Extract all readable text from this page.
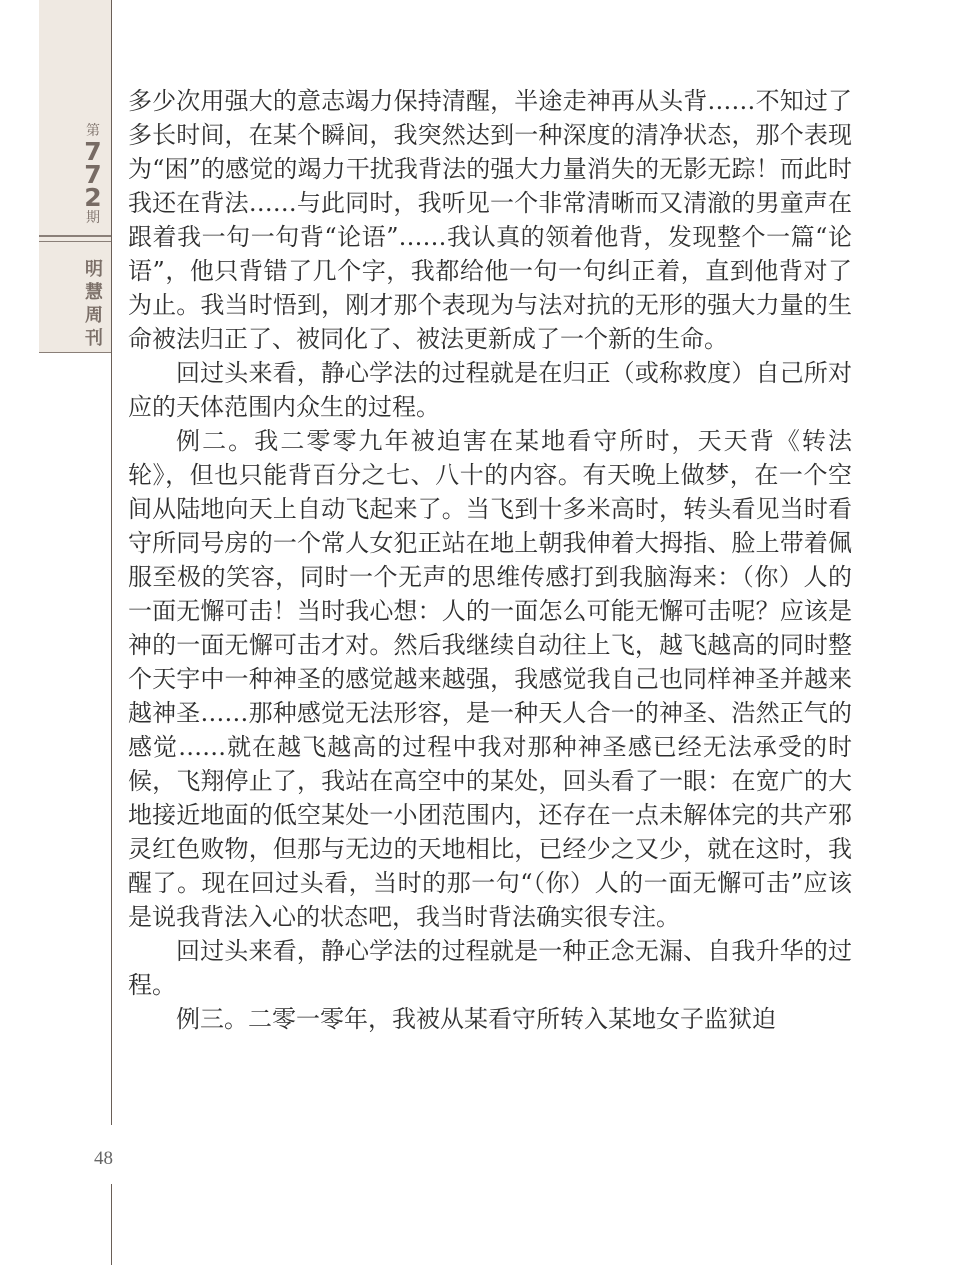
第
7
7
2
期
明
慧
周
刊
48

多少次用强大的意志竭力保持清醒，半途走神再从头背……不知过了多长时间，在某个瞬间，我突然达到一种深度的清净状态，那个表现为“困”的感觉的竭力干扰我背法的强大力量消失的无影无踪！而此时我还在背法……与此同时，我听见一个非常清晰而又清澈的男童声在跟着我一句一句背“论语”……我认真的领着他背，发现整个一篇“论语”，他只背错了几个字，我都给他一句一句纠正着，直到他背对了为止。我当时悟到，刚才那个表现为与法对抗的无形的强大力量的生命被法归正了、被同化了、被法更新成了一个新的生命。

回过头来看，静心学法的过程就是在归正（或称救度）自己所对应的天体范围内众生的过程。

例二。我二零零九年被迫害在某地看守所时，天天背《转法轮》，但也只能背百分之七、八十的内容。有天晚上做梦，在一个空间从陆地向天上自动飞起来了。当飞到十多米高时，转头看见当时看守所同号房的一个常人女犯正站在地上朝我伸着大拇指、脸上带着佩服至极的笑容，同时一个无声的思维传感打到我脑海来：（你）人的一面无懈可击！当时我心想：人的一面怎么可能无懈可击呢？应该是神的一面无懈可击才对。然后我继续自动往上飞，越飞越高的同时整个天宇中一种神圣的感觉越来越强，我感觉我自己也同样神圣并越来越神圣……那种感觉无法形容，是一种天人合一的神圣、浩然正气的感觉……就在越飞越高的过程中我对那种神圣感已经无法承受的时候，飞翔停止了，我站在高空中的某处，回头看了一眼：在宽广的大地接近地面的低空某处一小团范围内，还存在一点未解体完的共产邪灵红色败物，但那与无边的天地相比，已经少之又少，就在这时，我醒了。现在回过头看，当时的那一句“（你）人的一面无懈可击”应该是说我背法入心的状态吧，我当时背法确实很专注。

回过头来看，静心学法的过程就是一种正念无漏、自我升华的过程。

例三。二零一零年，我被从某看守所转入某地女子监狱迫
